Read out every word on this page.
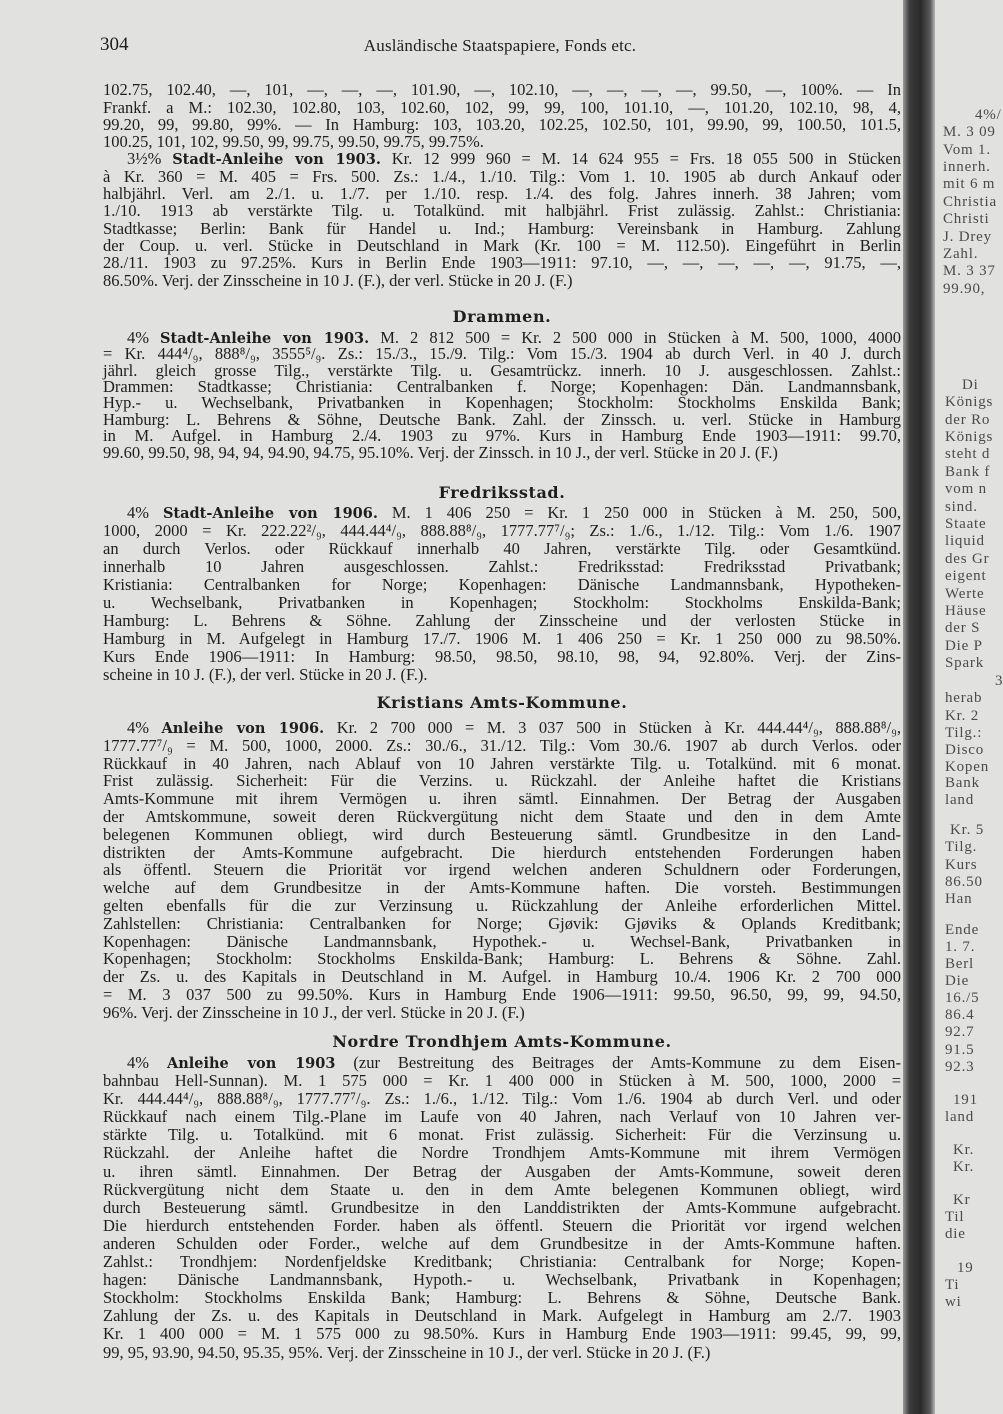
304	Ausländische Staatspapiere, Fonds etc.
102.75, 102.40, —, 101, —, —, —, 101.90, —, 102.10, —, —, —, —, 99.50, —, 100%. — In
Frankf. a M.: 102.30, 102.80, 103, 102.60, 102, 99, 99, 100, 101.10, —, 101.20, 102.10, 98, 4,
99.20, 99, 99.80, 99%. — In Hamburg: 103, 103.20, 102.25, 102.50, 101, 99.90, 99, 100.50, 101.5,
100.25, 101, 102, 99.50, 99, 99.75, 99.50, 99.75, 99.75%.
3½% Stadt-Anleihe von 1903. Kr. 12 999 960 = M. 14 624 955 = Frs. 18 055 500 in Stücken
à Kr. 360 = M. 405 = Frs. 500. Zs.: 1./4., 1./10. Tilg.: Vom 1. 10. 1905 ab durch Ankauf oder
halbjährl. Verl. am 2./1. u. 1./7. per 1./10. resp. 1./4. des folg. Jahres innerh. 38 Jahren; vom
1./10. 1913 ab verstärkte Tilg. u. Totalkünd. mit halbjährl. Frist zulässig. Zahlst.: Christiania:
Stadtkasse; Berlin: Bank für Handel u. Ind.; Hamburg: Vereinsbank in Hamburg. Zahlung
der Coup. u. verl. Stücke in Deutschland in Mark (Kr. 100 = M. 112.50). Eingeführt in Berlin
28./11. 1903 zu 97.25%. Kurs in Berlin Ende 1903—1911: 97.10, —, —, —, —, —, 91.75, —,
86.50%. Verj. der Zinsscheine in 10 J. (F.), der verl. Stücke in 20 J. (F.)
Drammen.
4% Stadt-Anleihe von 1903. M. 2 812 500 = Kr. 2 500 000 in Stücken à M. 500, 1000, 4000
= Kr. 444⁴/₉, 888⁸/₉, 3555⁵/₉. Zs.: 15./3., 15./9. Tilg.: Vom 15./3. 1904 ab durch Verl. in 40 J. durch
jährl. gleich grosse Tilg., verstärkte Tilg. u. Gesamtrückz. innerh. 10 J. ausgeschlossen. Zahlst.:
Drammen: Stadtkasse; Christiania: Centralbanken f. Norge; Kopenhagen: Dän. Landmannsbank,
Hyp.- u. Wechselbank, Privatbanken in Kopenhagen; Stockholm: Stockholms Enskilda Bank;
Hamburg: L. Behrens & Söhne, Deutsche Bank. Zahl. der Zinssch. u. verl. Stücke in Hamburg
in M. Aufgel. in Hamburg 2./4. 1903 zu 97%. Kurs in Hamburg Ende 1903—1911: 99.70,
99.60, 99.50, 98, 94, 94, 94.90, 94.75, 95.10%. Verj. der Zinssch. in 10 J., der verl. Stücke in 20 J. (F.)
Fredriksstad.
4% Stadt-Anleihe von 1906. M. 1 406 250 = Kr. 1 250 000 in Stücken à M. 250, 500,
1000, 2000 = Kr. 222.22²/₉, 444.44⁴/₉, 888.88⁸/₉, 1777.77⁷/₉; Zs.: 1./6., 1./12. Tilg.: Vom 1./6. 1907
an durch Verlos. oder Rückkauf innerhalb 40 Jahren, verstärkte Tilg. oder Gesamtkünd.
innerhalb 10 Jahren ausgeschlossen. Zahlst.: Fredriksstad: Fredriksstad Privatbank;
Kristiania: Centralbanken for Norge; Kopenhagen: Dänische Landmannsbank, Hypotheken-
u. Wechselbank, Privatbanken in Kopenhagen; Stockholm: Stockholms Enskilda-Bank;
Hamburg: L. Behrens & Söhne. Zahlung der Zinsscheine und der verlosten Stücke in
Hamburg in M. Aufgelegt in Hamburg 17./7. 1906 M. 1 406 250 = Kr. 1 250 000 zu 98.50%.
Kurs Ende 1906—1911: In Hamburg: 98.50, 98.50, 98.10, 98, 94, 92.80%. Verj. der Zins-
scheine in 10 J. (F.), der verl. Stücke in 20 J. (F.).
Kristians Amts-Kommune.
4% Anleihe von 1906. Kr. 2 700 000 = M. 3 037 500 in Stücken à Kr. 444.44⁴/₉, 888.88⁸/₉,
1777.77⁷/₉ = M. 500, 1000, 2000. Zs.: 30./6., 31./12. Tilg.: Vom 30./6. 1907 ab durch Verlos. oder
Rückkauf in 40 Jahren, nach Ablauf von 10 Jahren verstärkte Tilg. u. Totalkünd. mit 6 monat.
Frist zulässig. Sicherheit: Für die Verzins. u. Rückzahl. der Anleihe haftet die Kristians
Amts-Kommune mit ihrem Vermögen u. ihren sämtl. Einnahmen. Der Betrag der Ausgaben
der Amtskommune, soweit deren Rückvergütung nicht dem Staate und den in dem Amte
belegenen Kommunen obliegt, wird durch Besteuerung sämtl. Grundbesitze in den Land-
distrikten der Amts-Kommune aufgebracht. Die hierdurch entstehenden Forderungen haben
als öffentl. Steuern die Priorität vor irgend welchen anderen Schuldnern oder Forderungen,
welche auf dem Grundbesitze in der Amts-Kommune haften. Die vorsteh. Bestimmungen
gelten ebenfalls für die zur Verzinsung u. Rückzahlung der Anleihe erforderlichen Mittel.
Zahlstellen: Christiania: Centralbanken for Norge; Gjøvik: Gjøviks & Oplands Kreditbank;
Kopenhagen: Dänische Landmannsbank, Hypothek.- u. Wechsel-Bank, Privatbanken in
Kopenhagen; Stockholm: Stockholms Enskilda-Bank; Hamburg: L. Behrens & Söhne. Zahl.
der Zs. u. des Kapitals in Deutschland in M. Aufgel. in Hamburg 10./4. 1906 Kr. 2 700 000
= M. 3 037 500 zu 99.50%. Kurs in Hamburg Ende 1906—1911: 99.50, 96.50, 99, 99, 94.50,
96%. Verj. der Zinsscheine in 10 J., der verl. Stücke in 20 J. (F.)
Nordre Trondhjem Amts-Kommune.
4% Anleihe von 1903 (zur Bestreitung des Beitrages der Amts-Kommune zu dem Eisen-
bahnbau Hell-Sunnan). M. 1 575 000 = Kr. 1 400 000 in Stücken à M. 500, 1000, 2000 =
Kr. 444.44⁴/₉, 888.88⁸/₉, 1777.77⁷/₉. Zs.: 1./6., 1./12. Tilg.: Vom 1./6. 1904 ab durch Verl. und oder
Rückkauf nach einem Tilg.-Plane im Laufe von 40 Jahren, nach Verlauf von 10 Jahren ver-
stärkte Tilg. u. Totalkünd. mit 6 monat. Frist zulässig. Sicherheit: Für die Verzinsung u.
Rückzahl. der Anleihe haftet die Nordre Trondhjem Amts-Kommune mit ihrem Vermögen
u. ihren sämtl. Einnahmen. Der Betrag der Ausgaben der Amts-Kommune, soweit deren
Rückvergütung nicht dem Staate u. den in dem Amte belegenen Kommunen obliegt, wird
durch Besteuerung sämtl. Grundbesitze in den Landdistrikten der Amts-Kommune aufgebracht.
Die hierdurch entstehenden Forder. haben als öffentl. Steuern die Priorität vor irgend welchen
anderen Schulden oder Forder., welche auf dem Grundbesitze in der Amts-Kommune haften.
Zahlst.: Trondhjem: Nordenfjeldske Kreditbank; Christiania: Centralbank for Norge; Kopen-
hagen: Dänische Landmannsbank, Hypoth.- u. Wechselbank, Privatbank in Kopenhagen;
Stockholm: Stockholms Enskilda Bank; Hamburg: L. Behrens & Söhne, Deutsche Bank.
Zahlung der Zs. u. des Kapitals in Deutschland in Mark. Aufgelegt in Hamburg am 2./7. 1903
Kr. 1 400 000 = M. 1 575 000 zu 98.50%. Kurs in Hamburg Ende 1903—1911: 99.45, 99, 99,
99, 95, 93.90, 94.50, 95.35, 95%. Verj. der Zinsscheine in 10 J., der verl. Stücke in 20 J. (F.)
4%/
M. 3 09
Vom 1.
innerh.
mit 6 m
Christia
Christi
J. Drey
Zahl.
M. 3 37
99.90,
Di
Königs
der Ro
Königs
steht d
Bank f
vom n
sind.
Staate
liquid
des Gr
eigent
Werte
Häuse
der S
Die P
Spark
3
herab
Kr. 2
Tilg.:
Disco
Kopen
Bank
land
Kr. 5
Tilg.
Kurs
86.50
Han
Ende
1. 7.
Berl
Die
16./5
86.4
92.7
91.5
92.3
191
land
Kr.
Kr.
Kr
Til
die
19
Ti
wi
